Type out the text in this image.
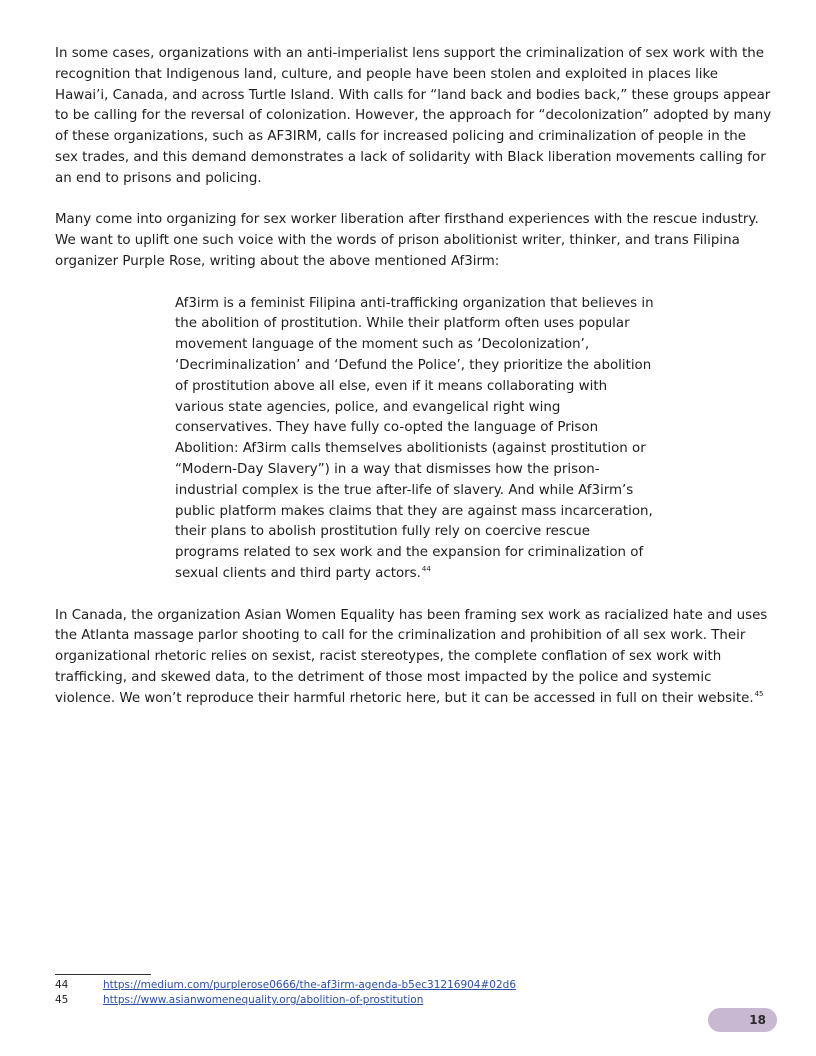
In some cases, organizations with an anti-imperialist lens support the criminalization of sex work with the recognition that Indigenous land, culture, and people have been stolen and exploited in places like Hawai’i, Canada, and across Turtle Island. With calls for “land back and bodies back,” these groups appear to be calling for the reversal of colonization. However, the approach for “decolonization” adopted by many of these organizations, such as AF3IRM, calls for increased policing and criminalization of people in the sex trades, and this demand demonstrates a lack of solidarity with Black liberation movements calling for an end to prisons and policing.

Many come into organizing for sex worker liberation after firsthand experiences with the rescue industry. We want to uplift one such voice with the words of prison abolitionist writer, thinker, and trans Filipina organizer Purple Rose, writing about the above mentioned Af3irm:

Af3irm is a feminist Filipina anti-trafficking organization that believes in the abolition of prostitution. While their platform often uses popular movement language of the moment such as ‘Decolonization’, ‘Decriminalization’ and ‘Defund the Police’, they prioritize the abolition of prostitution above all else, even if it means collaborating with various state agencies, police, and evangelical right wing conservatives. They have fully co-opted the language of Prison Abolition: Af3irm calls themselves abolitionists (against prostitution or “Modern-Day Slavery”) in a way that dismisses how the prison-industrial complex is the true after-life of slavery. And while Af3irm’s public platform makes claims that they are against mass incarceration, their plans to abolish prostitution fully rely on coercive rescue programs related to sex work and the expansion for criminalization of sexual clients and third party actors.$^{44}$

In Canada, the organization Asian Women Equality has been framing sex work as racialized hate and uses the Atlanta massage parlor shooting to call for the criminalization and prohibition of all sex work. Their organizational rhetoric relies on sexist, racist stereotypes, the complete conflation of sex work with trafficking, and skewed data, to the detriment of those most impacted by the police and systemic violence. We won’t reproduce their harmful rhetoric here, but it can be accessed in full on their website.$^{45}$

44	https://medium.com/purplerose0666/the-af3irm-agenda-b5ec31216904#02d6
45	https://www.asianwomenequality.org/abolition-of-prostitution
18
